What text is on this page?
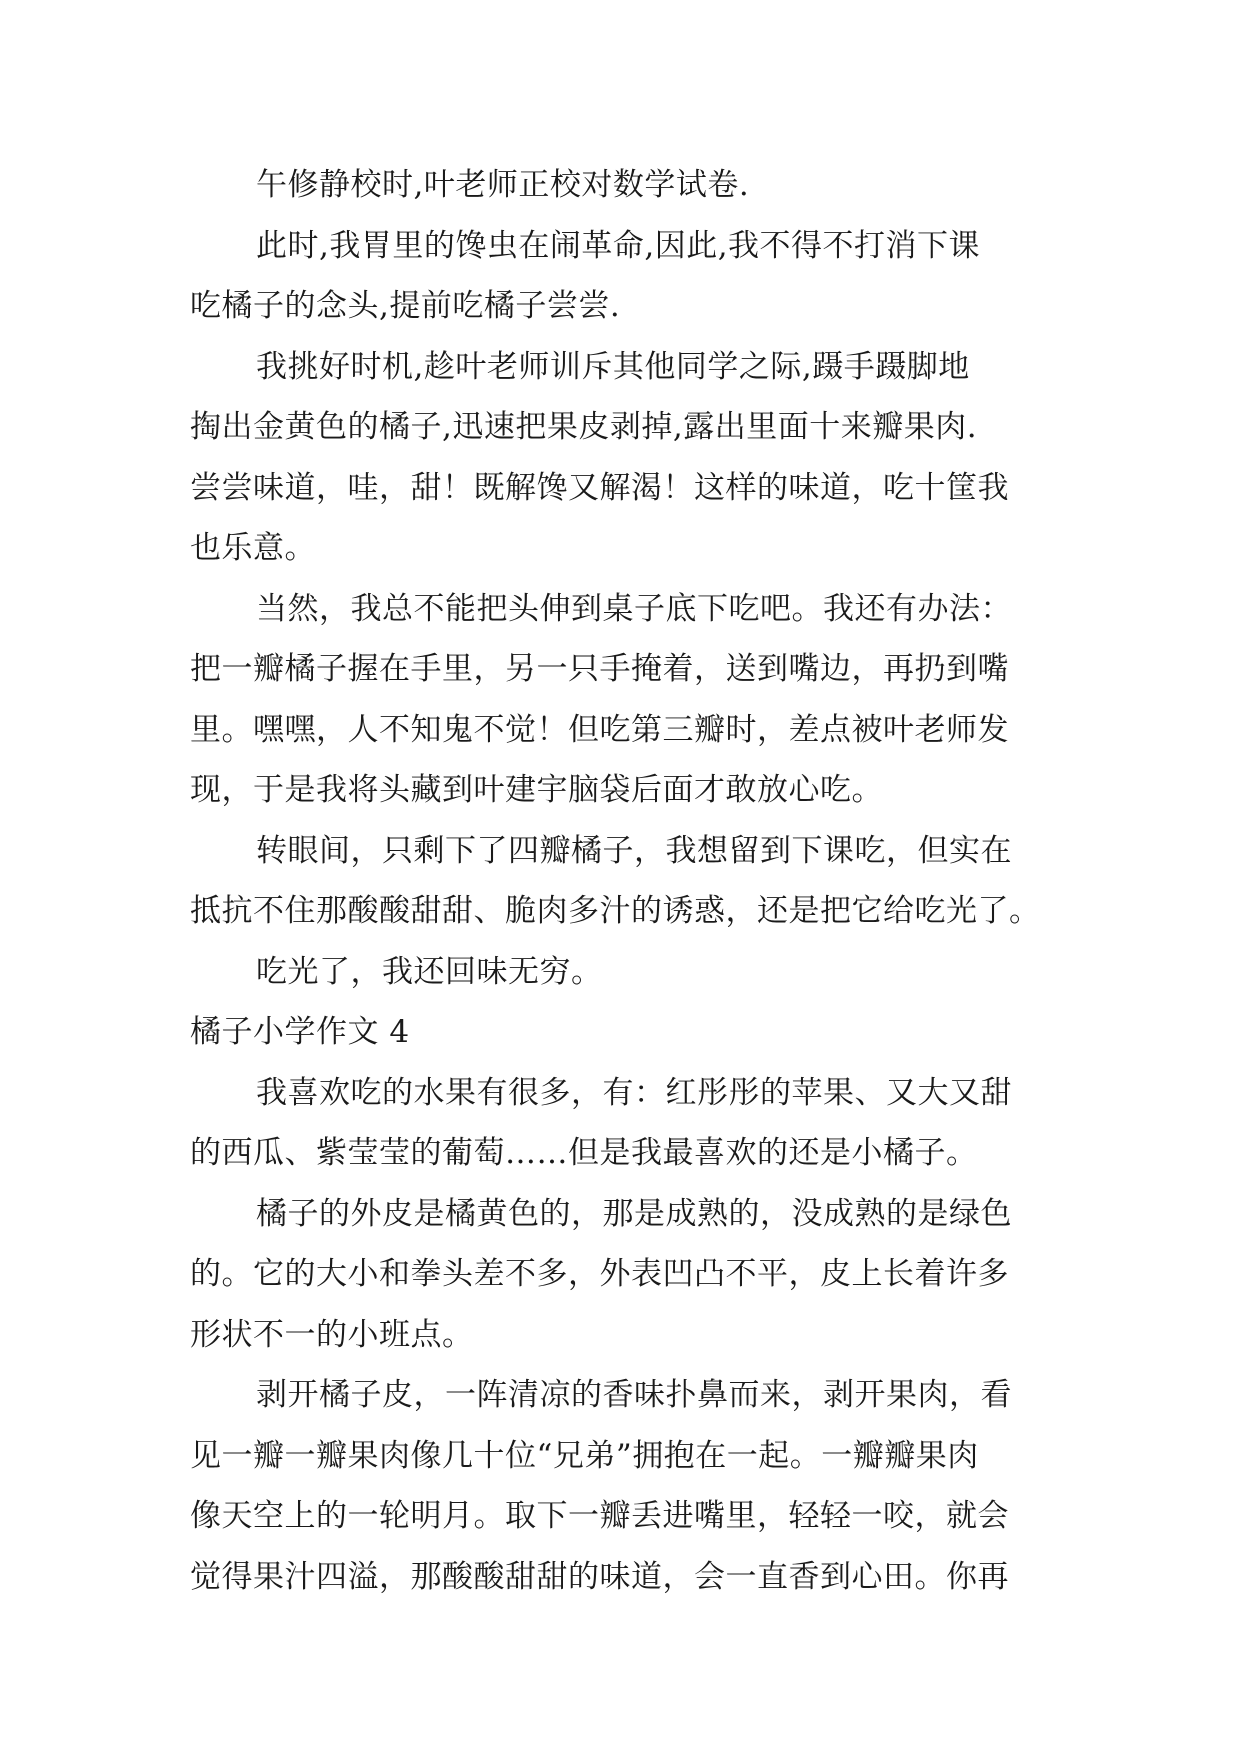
午修静校时,叶老师正校对数学试卷.
此时,我胃里的馋虫在闹革命,因此,我不得不打消下课
吃橘子的念头,提前吃橘子尝尝.
我挑好时机,趁叶老师训斥其他同学之际,蹑手蹑脚地
掏出金黄色的橘子,迅速把果皮剥掉,露出里面十来瓣果肉.
尝尝味道，哇，甜！既解馋又解渴！这样的味道，吃十筐我
也乐意。
当然，我总不能把头伸到桌子底下吃吧。我还有办法：
把一瓣橘子握在手里，另一只手掩着，送到嘴边，再扔到嘴
里。嘿嘿，人不知鬼不觉！但吃第三瓣时，差点被叶老师发
现，于是我将头藏到叶建宇脑袋后面才敢放心吃。
转眼间，只剩下了四瓣橘子，我想留到下课吃，但实在
抵抗不住那酸酸甜甜、脆肉多汁的诱惑，还是把它给吃光了。
吃光了，我还回味无穷。
橘子小学作文 4
我喜欢吃的水果有很多，有：红彤彤的苹果、又大又甜
的西瓜、紫莹莹的葡萄……但是我最喜欢的还是小橘子。
橘子的外皮是橘黄色的，那是成熟的，没成熟的是绿色
的。它的大小和拳头差不多，外表凹凸不平，皮上长着许多
形状不一的小班点。
剥开橘子皮，一阵清凉的香味扑鼻而来，剥开果肉，看
见一瓣一瓣果肉像几十位“兄弟”拥抱在一起。一瓣瓣果肉
像天空上的一轮明月。取下一瓣丢进嘴里，轻轻一咬，就会
觉得果汁四溢，那酸酸甜甜的味道，会一直香到心田。你再
